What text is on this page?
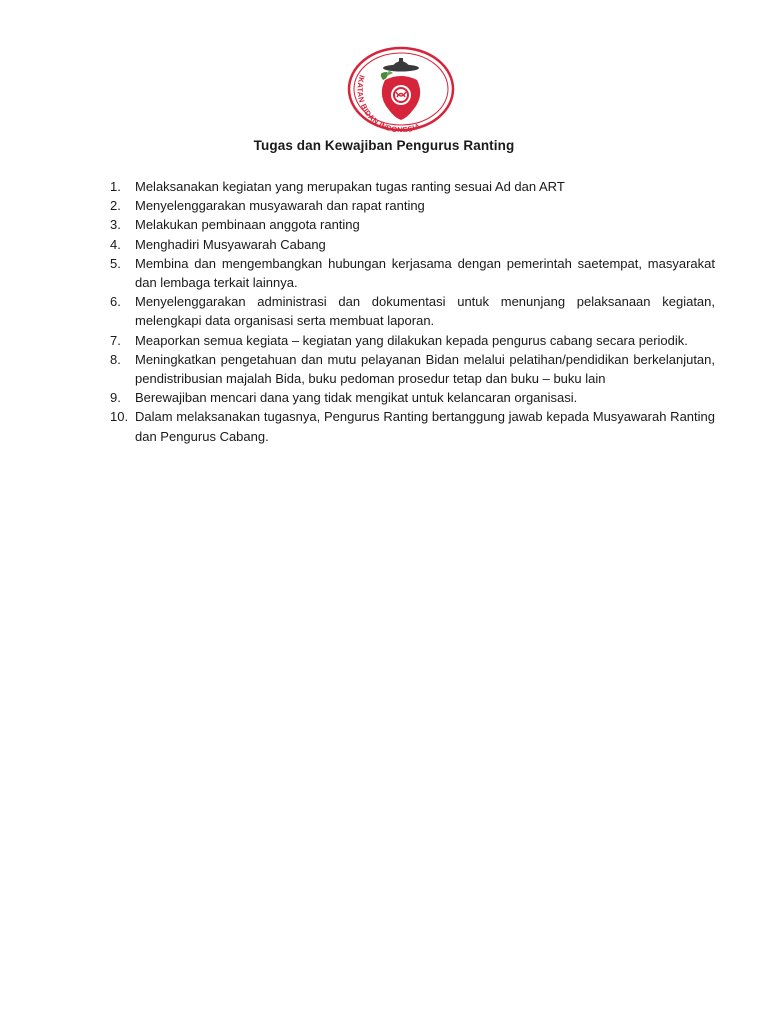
IKATAN BIDAN INDONESIA
Tugas dan Kewajiban Pengurus Ranting
1. Melaksanakan kegiatan yang merupakan tugas ranting sesuai Ad dan ART
2. Menyelenggarakan musyawarah dan rapat ranting
3. Melakukan pembinaan anggota ranting
4. Menghadiri Musyawarah Cabang
5. Membina dan mengembangkan hubungan kerjasama dengan pemerintah saetempat, masyarakat dan lembaga terkait lainnya.
6. Menyelenggarakan administrasi dan dokumentasi untuk menunjang pelaksanaan kegiatan, melengkapi data organisasi serta membuat laporan.
7. Meaporkan semua kegiata – kegiatan yang dilakukan kepada pengurus cabang secara periodik.
8. Meningkatkan pengetahuan dan mutu pelayanan Bidan melalui pelatihan/pendidikan berkelanjutan, pendistribusian majalah Bida, buku pedoman prosedur tetap dan buku – buku lain
9. Berewajiban mencari dana yang tidak mengikat untuk kelancaran organisasi.
10. Dalam melaksanakan tugasnya, Pengurus Ranting bertanggung jawab kepada Musyawarah Ranting dan Pengurus Cabang.
